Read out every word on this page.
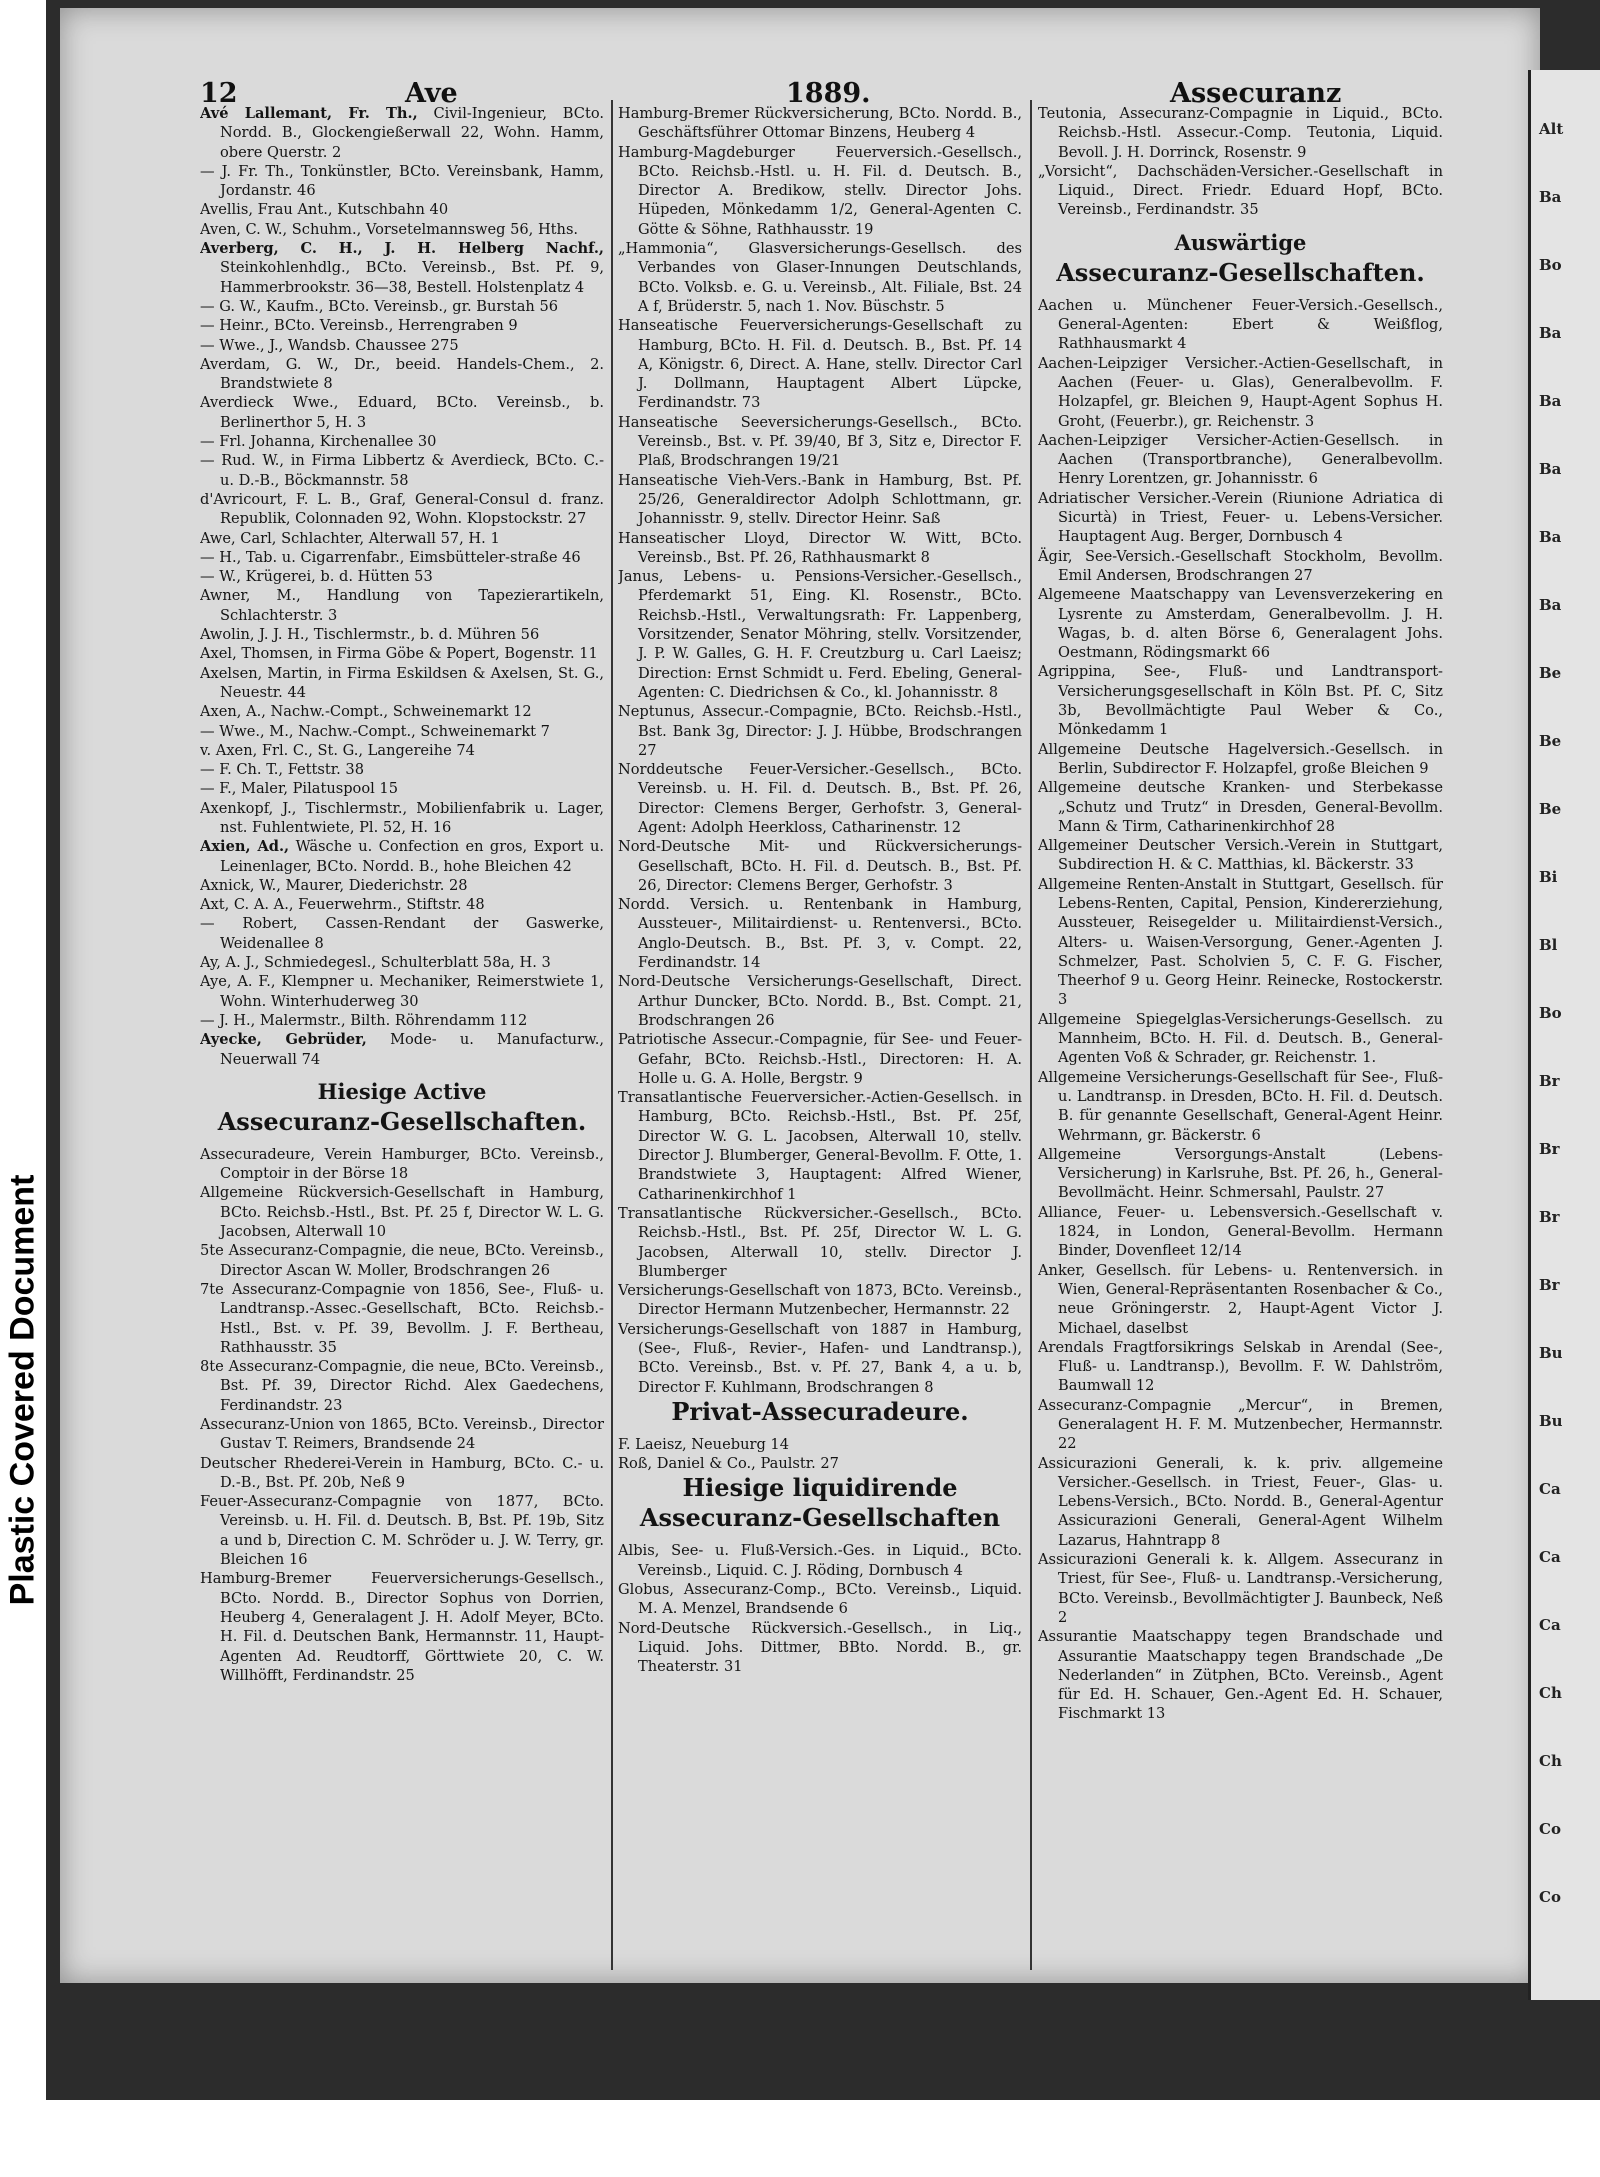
Plastic Covered Document
12	Ave	1889.	Assecuranz

Avé Lallemant, Fr. Th., Civil-Ingenieur, BCto. Nordd. B., Glockengießerwall 22, Wohn. Hamm, obere Querstr. 2

— J. Fr. Th., Tonkünstler, BCto. Vereinsbank, Hamm, Jordanstr. 46

Avellis, Frau Ant., Kutschbahn 40

Aven, C. W., Schuhm., Vorsetelmannsweg 56, Hths.

Averberg, C. H., J. H. Helberg Nachf., Steinkohlenhdlg., BCto. Vereinsb., Bst. Pf. 9, Hammerbrookstr. 36—38, Bestell. Holstenplatz 4

— G. W., Kaufm., BCto. Vereinsb., gr. Burstah 56

— Heinr., BCto. Vereinsb., Herrengraben 9

— Wwe., J., Wandsb. Chaussee 275

Averdam, G. W., Dr., beeid. Handels-Chem., 2. Brandstwiete 8

Averdieck Wwe., Eduard, BCto. Vereinsb., b. Berlinerthor 5, H. 3

— Frl. Johanna, Kirchenallee 30

— Rud. W., in Firma Libbertz & Averdieck, BCto. C.- u. D.-B., Böckmannstr. 58

d'Avricourt, F. L. B., Graf, General-Consul d. franz. Republik, Colonnaden 92, Wohn. Klopstockstr. 27

Awe, Carl, Schlachter, Alterwall 57, H. 1

— H., Tab. u. Cigarrenfabr., Eimsbütteler-straße 46

— W., Krügerei, b. d. Hütten 53

Awner, M., Handlung von Tapezierartikeln, Schlachterstr. 3

Awolin, J. J. H., Tischlermstr., b. d. Mühren 56

Axel, Thomsen, in Firma Göbe & Popert, Bogenstr. 11

Axelsen, Martin, in Firma Eskildsen & Axelsen, St. G., Neuestr. 44

Axen, A., Nachw.-Compt., Schweinemarkt 12

— Wwe., M., Nachw.-Compt., Schweinemarkt 7

v. Axen, Frl. C., St. G., Langereihe 74

— F. Ch. T., Fettstr. 38

— F., Maler, Pilatuspool 15

Axenkopf, J., Tischlermstr., Mobilienfabrik u. Lager, nst. Fuhlentwiete, Pl. 52, H. 16

Axien, Ad., Wäsche u. Confection en gros, Export u. Leinenlager, BCto. Nordd. B., hohe Bleichen 42

Axnick, W., Maurer, Diederichstr. 28

Axt, C. A. A., Feuerwehrm., Stiftstr. 48

— Robert, Cassen-Rendant der Gaswerke, Weidenallee 8

Ay, A. J., Schmiedegesl., Schulterblatt 58a, H. 3

Aye, A. F., Klempner u. Mechaniker, Reimerstwiete 1, Wohn. Winterhuderweg 30

— J. H., Malermstr., Bilth. Röhrendamm 112

Ayecke, Gebrüder, Mode- u. Manufacturw., Neuerwall 74

Hiesige Active
Assecuranz-Gesellschaften.

Assecuradeure, Verein Hamburger, BCto. Vereinsb., Comptoir in der Börse 18

Allgemeine Rückversich-Gesellschaft in Hamburg, BCto. Reichsb.-Hstl., Bst. Pf. 25 f, Director W. L. G. Jacobsen, Alterwall 10

5te Assecuranz-Compagnie, die neue, BCto. Vereinsb., Director Ascan W. Moller, Brodschrangen 26

7te Assecuranz-Compagnie von 1856, See-, Fluß- u. Landtransp.-Assec.-Gesellschaft, BCto. Reichsb.-Hstl., Bst. v. Pf. 39, Bevollm. J. F. Bertheau, Rathhausstr. 35

8te Assecuranz-Compagnie, die neue, BCto. Vereinsb., Bst. Pf. 39, Director Richd. Alex Gaedechens, Ferdinandstr. 23

Assecuranz-Union von 1865, BCto. Vereinsb., Director Gustav T. Reimers, Brandsende 24

Deutscher Rhederei-Verein in Hamburg, BCto. C.- u. D.-B., Bst. Pf. 20b, Neß 9

Feuer-Assecuranz-Compagnie von 1877, BCto. Vereinsb. u. H. Fil. d. Deutsch. B, Bst. Pf. 19b, Sitz a und b, Direction C. M. Schröder u. J. W. Terry, gr. Bleichen 16

Hamburg-Bremer Feuerversicherungs-Gesellsch., BCto. Nordd. B., Director Sophus von Dorrien, Heuberg 4, Generalagent J. H. Adolf Meyer, BCto. H. Fil. d. Deutschen Bank, Hermannstr. 11, Haupt-Agenten Ad. Reudtorff, Görttwiete 20, C. W. Willhöfft, Ferdinandstr. 25

Hamburg-Bremer Rückversicherung, BCto. Nordd. B., Geschäftsführer Ottomar Binzens, Heuberg 4

Hamburg-Magdeburger Feuerversich.-Gesellsch., BCto. Reichsb.-Hstl. u. H. Fil. d. Deutsch. B., Director A. Bredikow, stellv. Director Johs. Hüpeden, Mönkedamm 1/2, General-Agenten C. Götte & Söhne, Rathhausstr. 19

„Hammonia“, Glasversicherungs-Gesellsch. des Verbandes von Glaser-Innungen Deutschlands, BCto. Volksb. e. G. u. Vereinsb., Alt. Filiale, Bst. 24 A f, Brüderstr. 5, nach 1. Nov. Büschstr. 5

Hanseatische Feuerversicherungs-Gesellschaft zu Hamburg, BCto. H. Fil. d. Deutsch. B., Bst. Pf. 14 A, Königstr. 6, Direct. A. Hane, stellv. Director Carl J. Dollmann, Hauptagent Albert Lüpcke, Ferdinandstr. 73

Hanseatische Seeversicherungs-Gesellsch., BCto. Vereinsb., Bst. v. Pf. 39/40, Bf 3, Sitz e, Director F. Plaß, Brodschrangen 19/21

Hanseatische Vieh-Vers.-Bank in Hamburg, Bst. Pf. 25/26, Generaldirector Adolph Schlottmann, gr. Johannisstr. 9, stellv. Director Heinr. Saß

Hanseatischer Lloyd, Director W. Witt, BCto. Vereinsb., Bst. Pf. 26, Rathhausmarkt 8

Janus, Lebens- u. Pensions-Versicher.-Gesellsch., Pferdemarkt 51, Eing. Kl. Rosenstr., BCto. Reichsb.-Hstl., Verwaltungsrath: Fr. Lappenberg, Vorsitzender, Senator Möhring, stellv. Vorsitzender, J. P. W. Galles, G. H. F. Creutzburg u. Carl Laeisz; Direction: Ernst Schmidt u. Ferd. Ebeling, General-Agenten: C. Diedrichsen & Co., kl. Johannisstr. 8

Neptunus, Assecur.-Compagnie, BCto. Reichsb.-Hstl., Bst. Bank 3g, Director: J. J. Hübbe, Brodschrangen 27

Norddeutsche Feuer-Versicher.-Gesellsch., BCto. Vereinsb. u. H. Fil. d. Deutsch. B., Bst. Pf. 26, Director: Clemens Berger, Gerhofstr. 3, General-Agent: Adolph Heerkloss, Catharinenstr. 12

Nord-Deutsche Mit- und Rückversicherungs-Gesellschaft, BCto. H. Fil. d. Deutsch. B., Bst. Pf. 26, Director: Clemens Berger, Gerhofstr. 3

Nordd. Versich. u. Rentenbank in Hamburg, Aussteuer-, Militairdienst- u. Rentenversi., BCto. Anglo-Deutsch. B., Bst. Pf. 3, v. Compt. 22, Ferdinandstr. 14

Nord-Deutsche Versicherungs-Gesellschaft, Direct. Arthur Duncker, BCto. Nordd. B., Bst. Compt. 21, Brodschrangen 26

Patriotische Assecur.-Compagnie, für See- und Feuer-Gefahr, BCto. Reichsb.-Hstl., Directoren: H. A. Holle u. G. A. Holle, Bergstr. 9

Transatlantische Feuerversicher.-Actien-Gesellsch. in Hamburg, BCto. Reichsb.-Hstl., Bst. Pf. 25f, Director W. G. L. Jacobsen, Alterwall 10, stellv. Director J. Blumberger, General-Bevollm. F. Otte, 1. Brandstwiete 3, Hauptagent: Alfred Wiener, Catharinenkirchhof 1

Transatlantische Rückversicher.-Gesellsch., BCto. Reichsb.-Hstl., Bst. Pf. 25f, Director W. L. G. Jacobsen, Alterwall 10, stellv. Director J. Blumberger

Versicherungs-Gesellschaft von 1873, BCto. Vereinsb., Director Hermann Mutzenbecher, Hermannstr. 22

Versicherungs-Gesellschaft von 1887 in Hamburg, (See-, Fluß-, Revier-, Hafen- und Landtransp.), BCto. Vereinsb., Bst. v. Pf. 27, Bank 4, a u. b, Director F. Kuhlmann, Brodschrangen 8

Privat-Assecuradeure.

F. Laeisz, Neueburg 14

Roß, Daniel & Co., Paulstr. 27

Hiesige liquidirende Assecuranz-Gesellschaften

Albis, See- u. Fluß-Versich.-Ges. in Liquid., BCto. Vereinsb., Liquid. C. J. Röding, Dornbusch 4

Globus, Assecuranz-Comp., BCto. Vereinsb., Liquid. M. A. Menzel, Brandsende 6

Nord-Deutsche Rückversich.-Gesellsch., in Liq., Liquid. Johs. Dittmer, BBto. Nordd. B., gr. Theaterstr. 31

Teutonia, Assecuranz-Compagnie in Liquid., BCto. Reichsb.-Hstl. Assecur.-Comp. Teutonia, Liquid. Bevoll. J. H. Dorrinck, Rosenstr. 9

„Vorsicht“, Dachschäden-Versicher.-Gesellschaft in Liquid., Direct. Friedr. Eduard Hopf, BCto. Vereinsb., Ferdinandstr. 35

Auswärtige
Assecuranz-Gesellschaften.

Aachen u. Münchener Feuer-Versich.-Gesellsch., General-Agenten: Ebert & Weißflog, Rathhausmarkt 4

Aachen-Leipziger Versicher.-Actien-Gesellschaft, in Aachen (Feuer- u. Glas), Generalbevollm. F. Holzapfel, gr. Bleichen 9, Haupt-Agent Sophus H. Groht, (Feuerbr.), gr. Reichenstr. 3

Aachen-Leipziger Versicher-Actien-Gesellsch. in Aachen (Transportbranche), Generalbevollm. Henry Lorentzen, gr. Johannisstr. 6

Adriatischer Versicher.-Verein (Riunione Adriatica di Sicurtà) in Triest, Feuer- u. Lebens-Versicher. Hauptagent Aug. Berger, Dornbusch 4

Ägir, See-Versich.-Gesellschaft Stockholm, Bevollm. Emil Andersen, Brodschrangen 27

Algemeene Maatschappy van Levensverzekering en Lysrente zu Amsterdam, Generalbevollm. J. H. Wagas, b. d. alten Börse 6, Generalagent Johs. Oestmann, Rödingsmarkt 66

Agrippina, See-, Fluß- und Landtransport-Versicherungsgesellschaft in Köln Bst. Pf. C, Sitz 3b, Bevollmächtigte Paul Weber & Co., Mönkedamm 1

Allgemeine Deutsche Hagelversich.-Gesellsch. in Berlin, Subdirector F. Holzapfel, große Bleichen 9

Allgemeine deutsche Kranken- und Sterbekasse „Schutz und Trutz“ in Dresden, General-Bevollm. Mann & Tirm, Catharinenkirchhof 28

Allgemeiner Deutscher Versich.-Verein in Stuttgart, Subdirection H. & C. Matthias, kl. Bäckerstr. 33

Allgemeine Renten-Anstalt in Stuttgart, Gesellsch. für Lebens-Renten, Capital, Pension, Kindererziehung, Aussteuer, Reisegelder u. Militairdienst-Versich., Alters- u. Waisen-Versorgung, Gener.-Agenten J. Schmelzer, Past. Scholvien 5, C. F. G. Fischer, Theerhof 9 u. Georg Heinr. Reinecke, Rostockerstr. 3

Allgemeine Spiegelglas-Versicherungs-Gesellsch. zu Mannheim, BCto. H. Fil. d. Deutsch. B., General-Agenten Voß & Schrader, gr. Reichenstr. 1.

Allgemeine Versicherungs-Gesellschaft für See-, Fluß- u. Landtransp. in Dresden, BCto. H. Fil. d. Deutsch. B. für genannte Gesellschaft, General-Agent Heinr. Wehrmann, gr. Bäckerstr. 6

Allgemeine Versorgungs-Anstalt (Lebens-Versicherung) in Karlsruhe, Bst. Pf. 26, h., General-Bevollmächt. Heinr. Schmersahl, Paulstr. 27

Alliance, Feuer- u. Lebensversich.-Gesellschaft v. 1824, in London, General-Bevollm. Hermann Binder, Dovenfleet 12/14

Anker, Gesellsch. für Lebens- u. Rentenversich. in Wien, General-Repräsentanten Rosenbacher & Co., neue Gröningerstr. 2, Haupt-Agent Victor J. Michael, daselbst

Arendals Fragtforsikrings Selskab in Arendal (See-, Fluß- u. Landtransp.), Bevollm. F. W. Dahlström, Baumwall 12

Assecuranz-Compagnie „Mercur“, in Bremen, Generalagent H. F. M. Mutzenbecher, Hermannstr. 22

Assicurazioni Generali, k. k. priv. allgemeine Versicher.-Gesellsch. in Triest, Feuer-, Glas- u. Lebens-Versich., BCto. Nordd. B., General-Agentur Assicurazioni Generali, General-Agent Wilhelm Lazarus, Hahntrapp 8

Assicurazioni Generali k. k. Allgem. Assecuranz in Triest, für See-, Fluß- u. Landtransp.-Versicherung, BCto. Vereinsb., Bevollmächtigter J. Baunbeck, Neß 2

Assurantie Maatschappy tegen Brandschade und Assurantie Maatschappy tegen Brandschade „De Nederlanden“ in Zütphen, BCto. Vereinsb., Agent für Ed. H. Schauer, Gen.-Agent Ed. H. Schauer, Fischmarkt 13

Alt
Ba
Bo
Ba
Ba
Ba
Ba
Ba
Be
Be
Be
Bi
Bl
Bo
Br
Br
Br
Br
Bu
Bu
Ca
Ca
Ca
Ch
Ch
Co
Co
